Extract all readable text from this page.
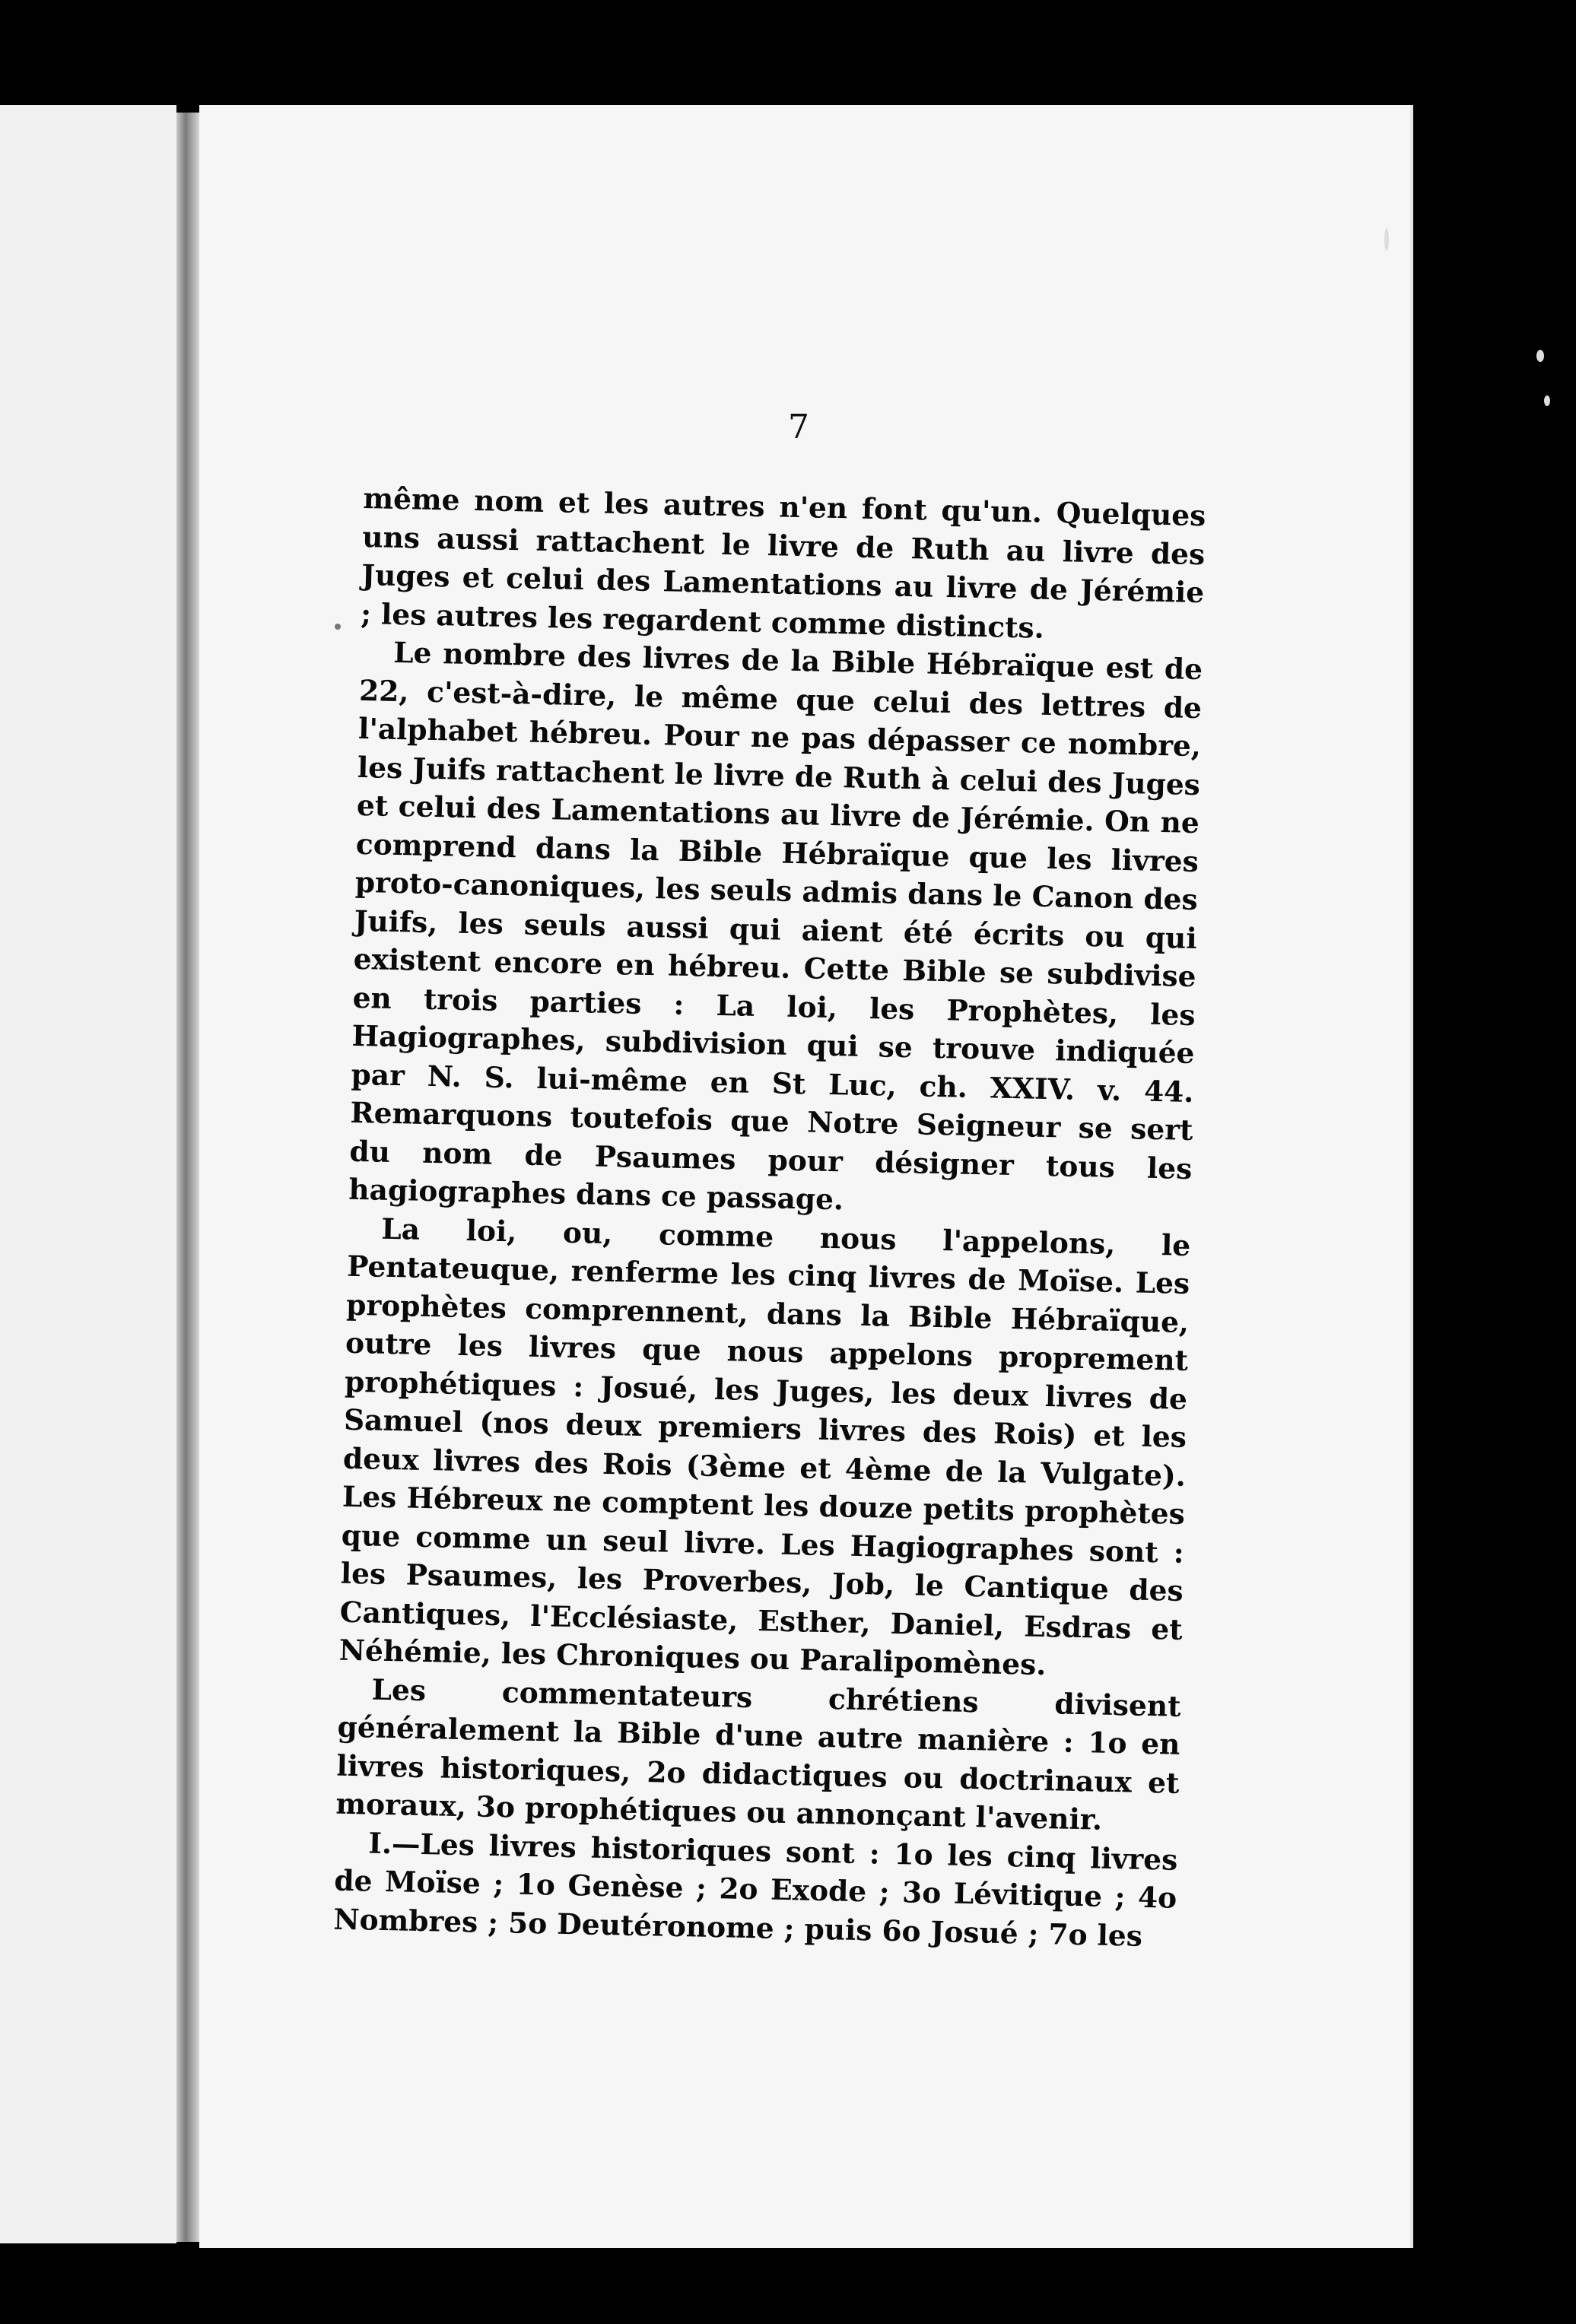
7

même nom et les autres n'en font qu'un. Quelques uns aussi rattachent le livre de Ruth au livre des Juges et celui des Lamentations au livre de Jérémie ; les autres les regardent comme distincts.

Le nombre des livres de la Bible Hébraïque est de 22, c'est-à-dire, le même que celui des lettres de l'alphabet hébreu. Pour ne pas dépasser ce nombre, les Juifs rattachent le livre de Ruth à celui des Juges et celui des Lamentations au livre de Jérémie. On ne comprend dans la Bible Hébraïque que les livres proto-canoniques, les seuls admis dans le Canon des Juifs, les seuls aussi qui aient été écrits ou qui existent encore en hébreu. Cette Bible se subdivise en trois parties : La loi, les Prophètes, les Hagiographes, subdivision qui se trouve indiquée par N. S. lui-même en St Luc, ch. XXIV. v. 44. Remarquons toutefois que Notre Seigneur se sert du nom de Psaumes pour désigner tous les hagiographes dans ce passage.

La loi, ou, comme nous l'appelons, le Pentateuque, renferme les cinq livres de Moïse. Les prophètes comprennent, dans la Bible Hébraïque, outre les livres que nous appelons proprement prophétiques : Josué, les Juges, les deux livres de Samuel (nos deux premiers livres des Rois) et les deux livres des Rois (3ème et 4ème de la Vulgate). Les Hébreux ne comptent les douze petits prophètes que comme un seul livre. Les Hagiographes sont : les Psaumes, les Proverbes, Job, le Cantique des Cantiques, l'Ecclésiaste, Esther, Daniel, Esdras et Néhémie, les Chroniques ou Paralipomènes.

Les commentateurs chrétiens divisent généralement la Bible d'une autre manière : 1o en livres historiques, 2o didactiques ou doctrinaux et moraux, 3o prophétiques ou annonçant l'avenir.

I.—Les livres historiques sont : 1o les cinq livres de Moïse ; 1o Genèse ; 2o Exode ; 3o Lévitique ; 4o Nombres ; 5o Deutéronome ; puis 6o Josué ; 7o les
